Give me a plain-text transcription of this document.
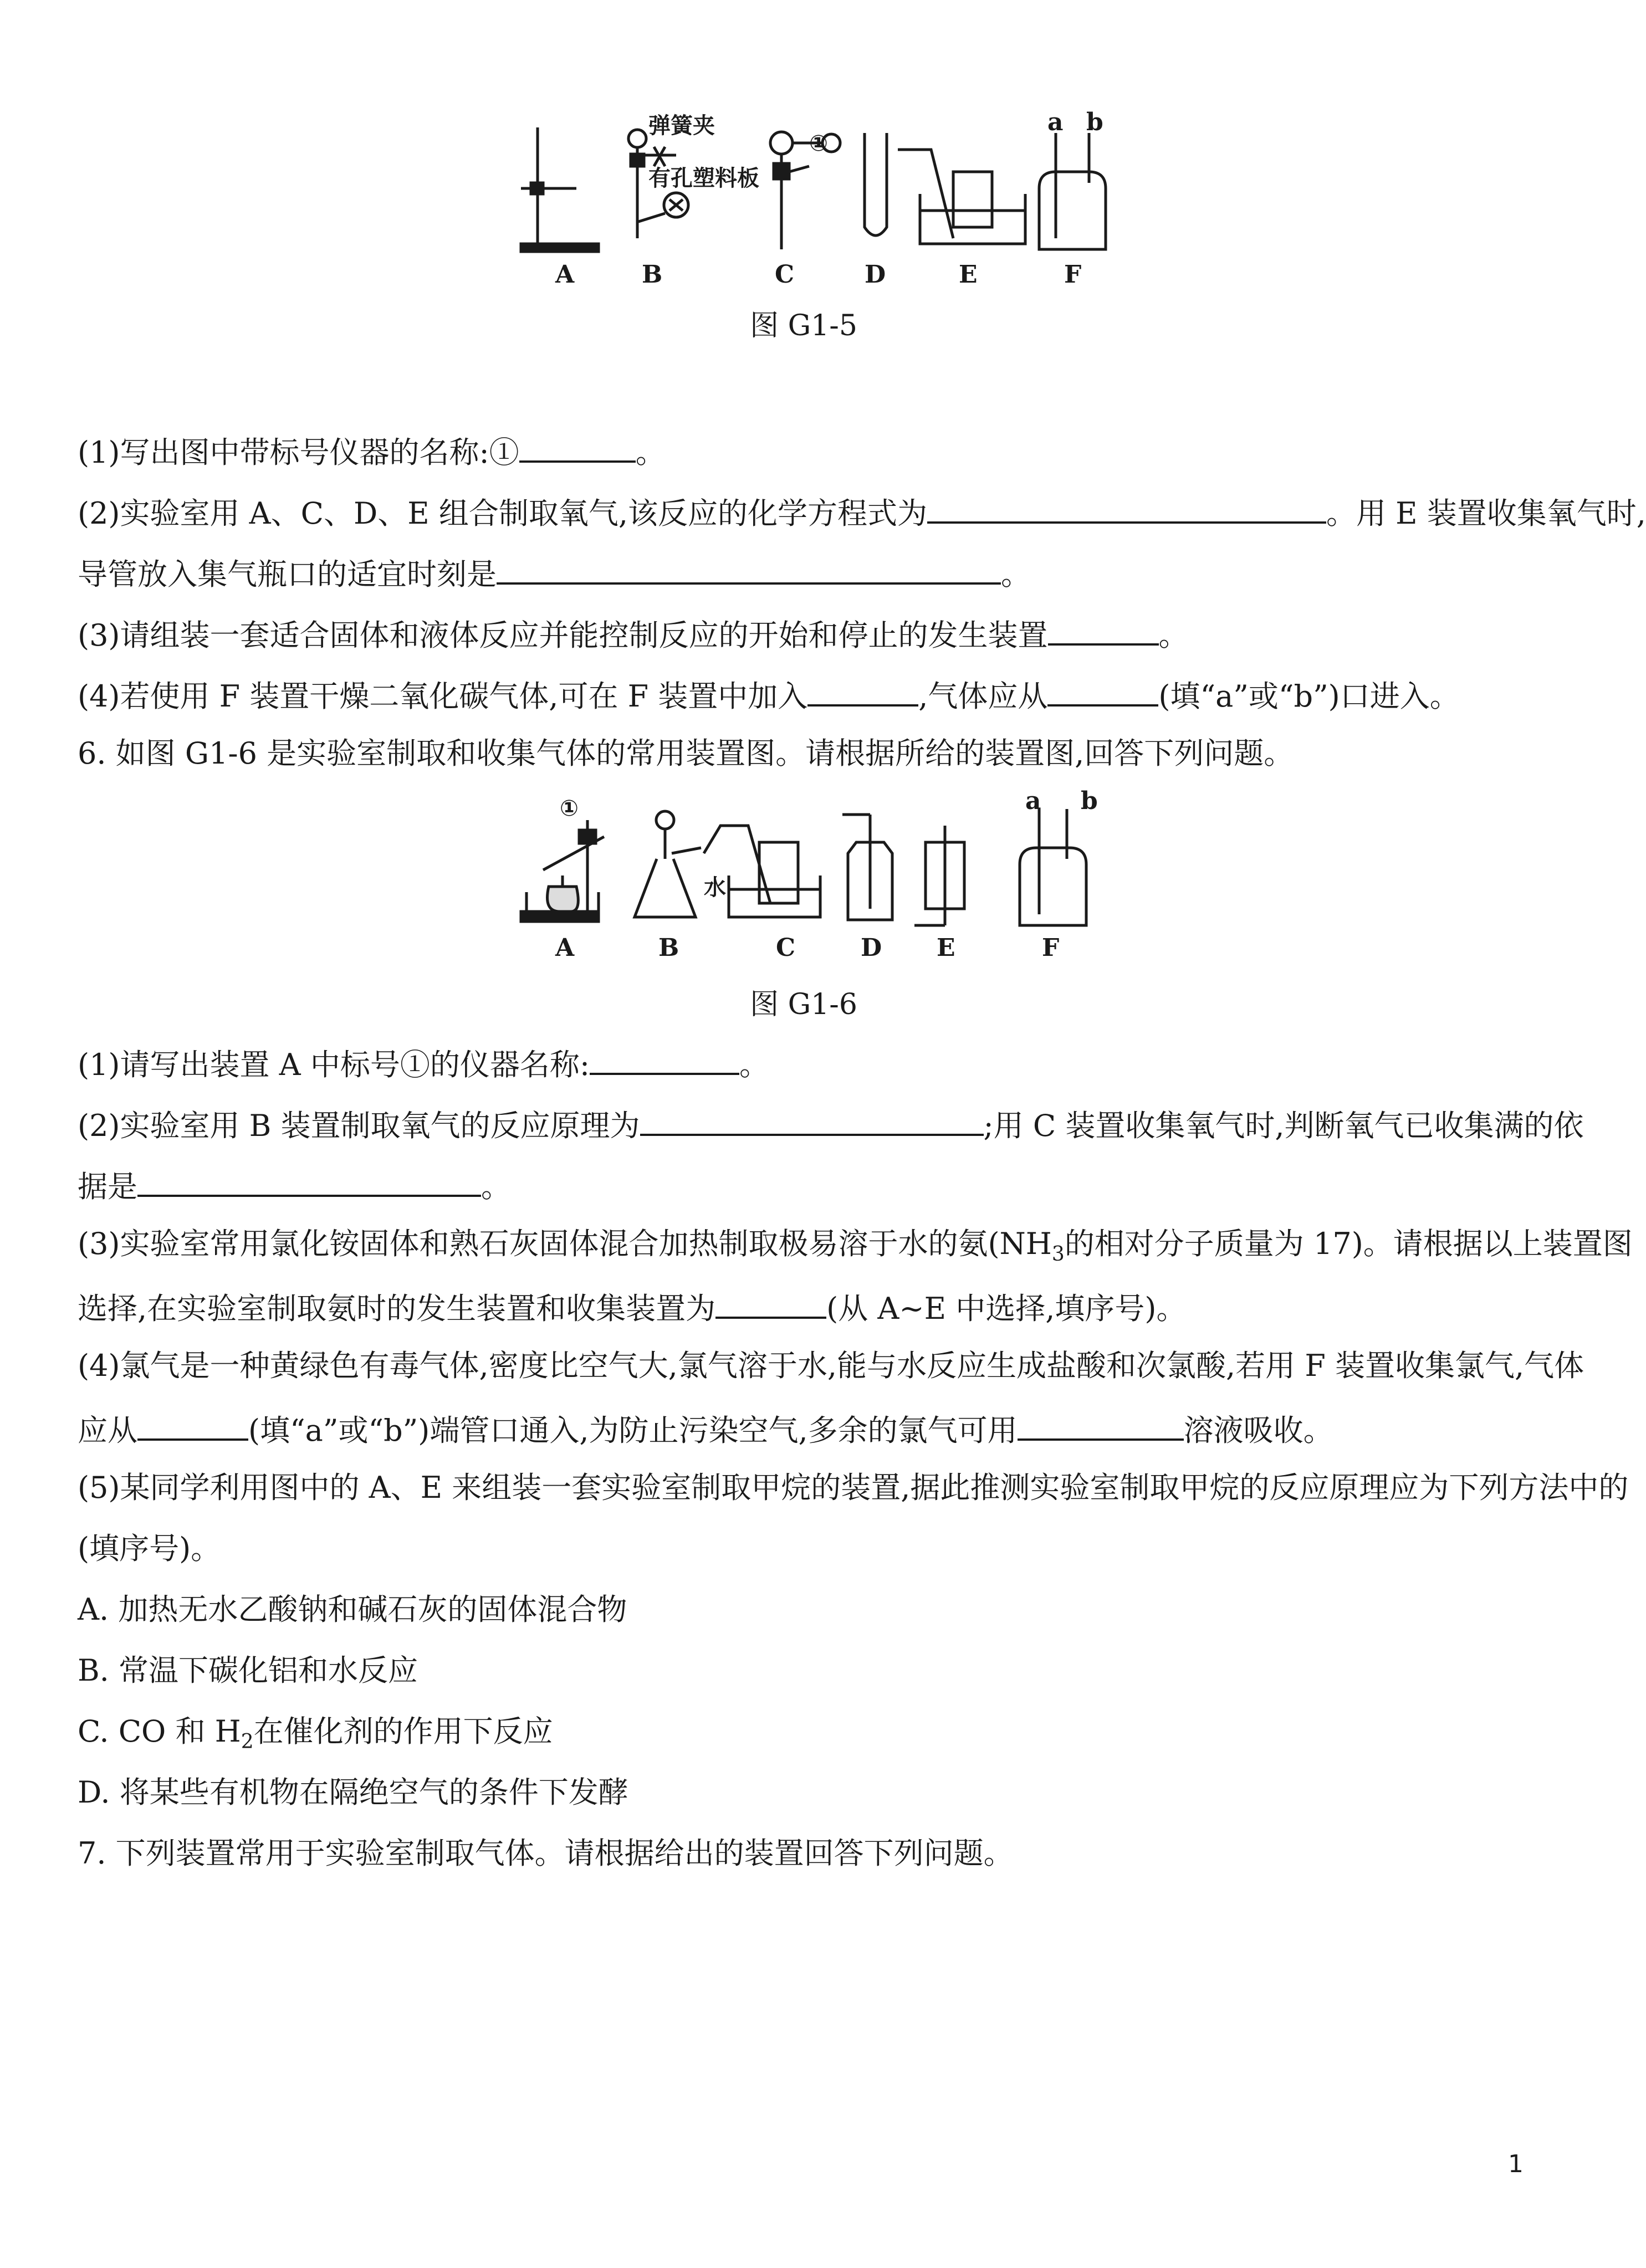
弹簧夹
有孔塑料板
①
a b
A	B	C	D	E	F
图 G1-5
(1)写出图中带标号仪器的名称:①	。
(2)实验室用 A、C、D、E 组合制取氧气,该反应的化学方程式为	。用 E 装置收集氧气时,
导管放入集气瓶口的适宜时刻是	。
(3)请组装一套适合固体和液体反应并能控制反应的开始和停止的发生装置	。
(4)若使用 F 装置干燥二氧化碳气体,可在 F 装置中加入	,气体应从	(填“a”或“b”)口进入。
6. 如图 G1-6 是实验室制取和收集气体的常用装置图。请根据所给的装置图,回答下列问题。
①
水
a b
A	B	C	D E	F
图 G1-6
(1)请写出装置 A 中标号①的仪器名称:	。
(2)实验室用 B 装置制取氧气的反应原理为	;用 C 装置收集氧气时,判断氧气已收集满的依
据是	。
(3)实验室常用氯化铵固体和熟石灰固体混合加热制取极易溶于水的氨($NH_3$的相对分子质量为 17)。请根据以上装置图
选择,在实验室制取氨时的发生装置和收集装置为	(从 A~E 中选择,填序号)。
(4)氯气是一种黄绿色有毒气体,密度比空气大,氯气溶于水,能与水反应生成盐酸和次氯酸,若用 F 装置收集氯气,气体
应从	(填“a”或“b”)端管口通入,为防止污染空气,多余的氯气可用	溶液吸收。
(5)某同学利用图中的 A、E 来组装一套实验室制取甲烷的装置,据此推测实验室制取甲烷的反应原理应为下列方法中的
(填序号)。
A. 加热无水乙酸钠和碱石灰的固体混合物
B. 常温下碳化铝和水反应
C. CO 和 $H_2$在催化剂的作用下反应
D. 将某些有机物在隔绝空气的条件下发酵
7. 下列装置常用于实验室制取气体。请根据给出的装置回答下列问题。
1
